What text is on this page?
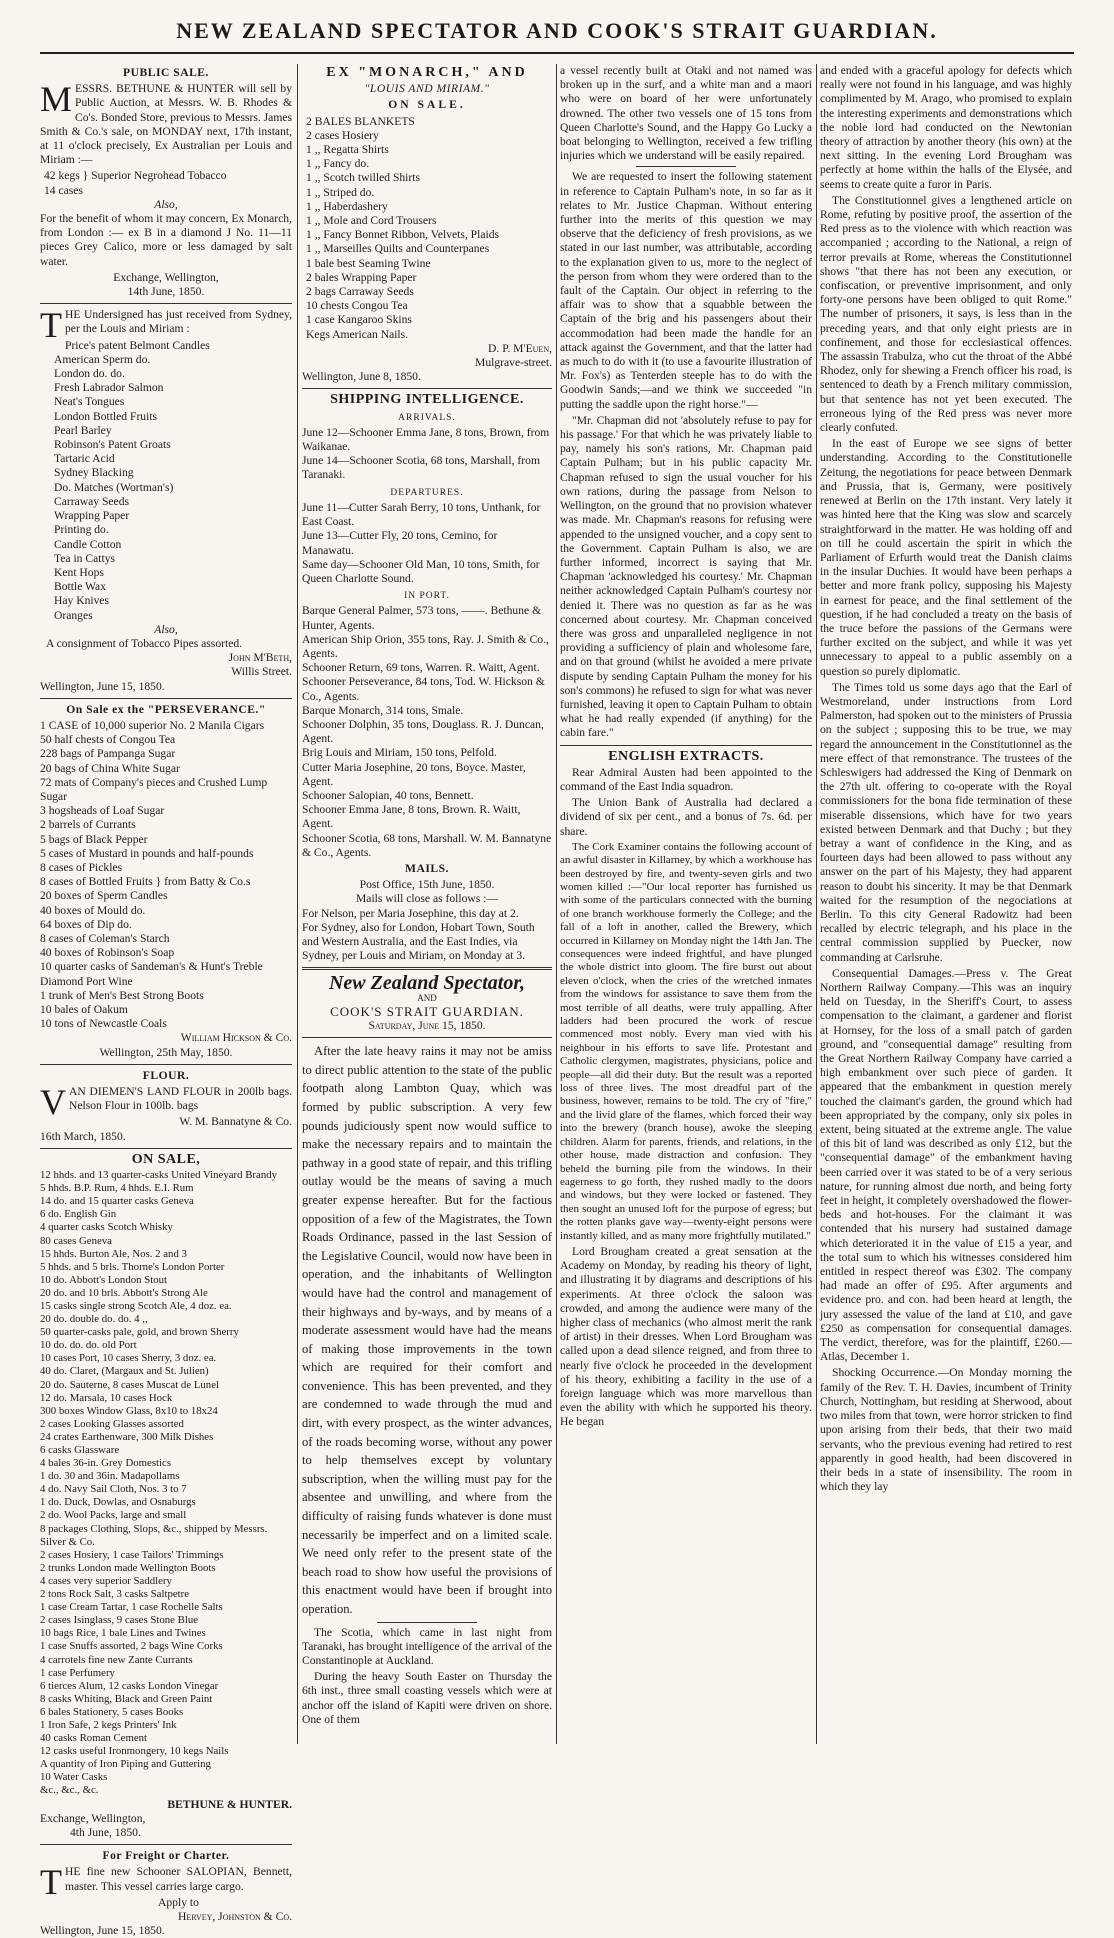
NEW ZEALAND SPECTATOR AND COOK'S STRAIT GUARDIAN.
PUBLIC SALE.

MESSRS. BETHUNE & HUNTER will sell by Public Auction, at Messrs. W. B. Rhodes & Co's. Bonded Store, previous to Messrs. James Smith & Co.'s sale, on MONDAY next, 17th instant, at 11 o'clock precisely, Ex Australian per Louis and Miriam :—

42 kegs } Superior Negrohead Tobacco
14 cases
Also,

For the benefit of whom it may concern, Ex Monarch, from London :— ex B in a diamond J No. 11—11 pieces Grey Calico, more or less damaged by salt water.

Exchange, Wellington,
14th June, 1850.

THE Undersigned has just received from Sydney, per the Louis and Miriam :

Price's patent Belmont Candles
American Sperm do.
London do. do.
Fresh Labrador Salmon
Neat's Tongues
London Bottled Fruits
Pearl Barley
Robinson's Patent Groats
Tartaric Acid
Sydney Blacking
Do. Matches (Wortman's)
Carraway Seeds
Wrapping Paper
Printing do.
Candle Cotton
Tea in Cattys
Kent Hops
Bottle Wax
Hay Knives
Oranges
Also,
A consignment of Tobacco Pipes assorted.
John M'Beth,
Willis Street.
Wellington, June 15, 1850.
On Sale ex the "PERSEVERANCE."
1 CASE of 10,000 superior No. 2 Manila Cigars
50 half chests of Congou Tea
228 bags of Pampanga Sugar
20 bags of China White Sugar
72 mats of Company's pieces and Crushed Lump Sugar
3 hogsheads of Loaf Sugar
2 barrels of Currants
5 bags of Black Pepper
5 cases of Mustard in pounds and half-pounds
8 cases of Pickles
8 cases of Bottled Fruits } from Batty & Co.s
20 boxes of Sperm Candles
40 boxes of Mould do.
64 boxes of Dip do.
8 cases of Coleman's Starch
40 boxes of Robinson's Soap
10 quarter casks of Sandeman's & Hunt's Treble Diamond Port Wine
1 trunk of Men's Best Strong Boots
10 bales of Oakum
10 tons of Newcastle Coals
William Hickson & Co.
Wellington, 25th May, 1850.
FLOUR.

VAN DIEMEN'S LAND FLOUR in 200lb bags. Nelson Flour in 100lb. bags

W. M. Bannatyne & Co.
16th March, 1850.
ON SALE,
12 hhds. and 13 quarter-casks United Vineyard Brandy
5 hhds. B.P. Rum, 4 hhds. E.I. Rum
14 do. and 15 quarter casks Geneva
6 do. English Gin
4 quarter casks Scotch Whisky
80 cases Geneva
15 hhds. Burton Ale, Nos. 2 and 3
5 hhds. and 5 brls. Thorne's London Porter
10 do. Abbott's London Stout
20 do. and 10 brls. Abbott's Strong Ale
15 casks single strong Scotch Ale, 4 doz. ea.
20 do. double do. do. 4 ,,
50 quarter-casks pale, gold, and brown Sherry
10 do. do. do. old Port
10 cases Port, 10 cases Sherry, 3 doz. ea.
40 do. Claret, (Margaux and St. Julien)
20 do. Sauterne, 8 cases Muscat de Lunel
12 do. Marsala, 10 cases Hock
300 boxes Window Glass, 8x10 to 18x24
2 cases Looking Glasses assorted
24 crates Earthenware, 300 Milk Dishes
6 casks Glassware
4 bales 36-in. Grey Domestics
1 do. 30 and 36in. Madapollams
4 do. Navy Sail Cloth, Nos. 3 to 7
1 do. Duck, Dowlas, and Osnaburgs
2 do. Wool Packs, large and small
8 packages Clothing, Slops, &c., shipped by Messrs. Silver & Co.
2 cases Hosiery, 1 case Tailors' Trimmings
2 trunks London made Wellington Boots
4 cases very superior Saddlery
2 tons Rock Salt, 3 casks Saltpetre
1 case Cream Tartar, 1 case Rochelle Salts
2 cases Isinglass, 9 cases Stone Blue
10 bags Rice, 1 bale Lines and Twines
1 case Snuffs assorted, 2 bags Wine Corks
4 carrotels fine new Zante Currants
1 case Perfumery
6 tierces Alum, 12 casks London Vinegar
8 casks Whiting, Black and Green Paint
6 bales Stationery, 5 cases Books
1 Iron Safe, 2 kegs Printers' Ink
40 casks Roman Cement
12 casks useful Ironmongery, 10 kegs Nails
A quantity of Iron Piping and Guttering
10 Water Casks
&c., &c., &c.
BETHUNE & HUNTER.
Exchange, Wellington,
4th June, 1850.
For Freight or Charter.

THE fine new Schooner SALOPIAN, Bennett, master. This vessel carries large cargo.

Apply to
Hervey, Johnston & Co.
Wellington, June 15, 1850.
EX "MONARCH," AND
"LOUIS AND MIRIAM."
ON SALE.
2 BALES BLANKETS
2 cases Hosiery
1 ,, Regatta Shirts
1 ,, Fancy do.
1 ,, Scotch twilled Shirts
1 ,, Striped do.
1 ,, Haberdashery
1 ,, Mole and Cord Trousers
1 ,, Fancy Bonnet Ribbon, Velvets, Plaids
1 ,, Marseilles Quilts and Counterpanes
1 bale best Seaming Twine
2 bales Wrapping Paper
2 bags Carraway Seeds
10 chests Congou Tea
1 case Kangaroo Skins
Kegs American Nails.
D. P. M'Euen,
Mulgrave-street.
Wellington, June 8, 1850.
SHIPPING INTELLIGENCE.
ARRIVALS.
June 12—Schooner Emma Jane, 8 tons, Brown, from Waikanae.
June 14—Schooner Scotia, 68 tons, Marshall, from Taranaki.
DEPARTURES.
June 11—Cutter Sarah Berry, 10 tons, Unthank, for East Coast.
June 13—Cutter Fly, 20 tons, Cemino, for Manawatu.
Same day—Schooner Old Man, 10 tons, Smith, for Queen Charlotte Sound.
IN PORT.
Barque General Palmer, 573 tons, ——. Bethune & Hunter, Agents.
American Ship Orion, 355 tons, Ray. J. Smith & Co., Agents.
Schooner Return, 69 tons, Warren. R. Waitt, Agent.
Schooner Perseverance, 84 tons, Tod. W. Hickson & Co., Agents.
Barque Monarch, 314 tons, Smale.
Schooner Dolphin, 35 tons, Douglass. R. J. Duncan, Agent.
Brig Louis and Miriam, 150 tons, Pelfold.
Cutter Maria Josephine, 20 tons, Boyce. Master, Agent.
Schooner Salopian, 40 tons, Bennett.
Schooner Emma Jane, 8 tons, Brown. R. Waitt, Agent.
Schooner Scotia, 68 tons, Marshall. W. M. Bannatyne & Co., Agents.
MAILS.
Post Office, 15th June, 1850.
Mails will close as follows :—
For Nelson, per Maria Josephine, this day at 2.
For Sydney, also for London, Hobart Town, South and Western Australia, and the East Indies, via Sydney, per Louis and Miriam, on Monday at 3.
New Zealand Spectator,
AND
COOK'S STRAIT GUARDIAN.
Saturday, June 15, 1850.

After the late heavy rains it may not be amiss to direct public attention to the state of the public footpath along Lambton Quay, which was formed by public subscription. A very few pounds judiciously spent now would suffice to make the necessary repairs and to maintain the pathway in a good state of repair, and this trifling outlay would be the means of saving a much greater expense hereafter. But for the factious opposition of a few of the Magistrates, the Town Roads Ordinance, passed in the last Session of the Legislative Council, would now have been in operation, and the inhabitants of Wellington would have had the control and management of their highways and by-ways, and by means of a moderate assessment would have had the means of making those improvements in the town which are required for their comfort and convenience. This has been prevented, and they are condemned to wade through the mud and dirt, with every prospect, as the winter advances, of the roads becoming worse, without any power to help themselves except by voluntary subscription, when the willing must pay for the absentee and unwilling, and where from the difficulty of raising funds whatever is done must necessarily be imperfect and on a limited scale. We need only refer to the present state of the beach road to show how useful the provisions of this enactment would have been if brought into operation.

The Scotia, which came in last night from Taranaki, has brought intelligence of the arrival of the Constantinople at Auckland.

During the heavy South Easter on Thursday the 6th inst., three small coasting vessels which were at anchor off the island of Kapiti were driven on shore. One of them

a vessel recently built at Otaki and not named was broken up in the surf, and a white man and a maori who were on board of her were unfortunately drowned. The other two vessels one of 15 tons from Queen Charlotte's Sound, and the Happy Go Lucky a boat belonging to Wellington, received a few trifling injuries which we understand will be easily repaired.

We are requested to insert the following statement in reference to Captain Pulham's note, in so far as it relates to Mr. Justice Chapman. Without entering further into the merits of this question we may observe that the deficiency of fresh provisions, as we stated in our last number, was attributable, according to the explanation given to us, more to the neglect of the person from whom they were ordered than to the fault of the Captain. Our object in referring to the affair was to show that a squabble between the Captain of the brig and his passengers about their accommodation had been made the handle for an attack against the Government, and that the latter had as much to do with it (to use a favourite illustration of Mr. Fox's) as Tenterden steeple has to do with the Goodwin Sands;—and we think we succeeded "in putting the saddle upon the right horse."—

"Mr. Chapman did not 'absolutely refuse to pay for his passage.' For that which he was privately liable to pay, namely his son's rations, Mr. Chapman paid Captain Pulham; but in his public capacity Mr. Chapman refused to sign the usual voucher for his own rations, during the passage from Nelson to Wellington, on the ground that no provision whatever was made. Mr. Chapman's reasons for refusing were appended to the unsigned voucher, and a copy sent to the Government. Captain Pulham is also, we are further informed, incorrect is saying that Mr. Chapman 'acknowledged his courtesy.' Mr. Chapman neither acknowledged Captain Pulham's courtesy nor denied it. There was no question as far as he was concerned about courtesy. Mr. Chapman conceived there was gross and unparalleled negligence in not providing a sufficiency of plain and wholesome fare, and on that ground (whilst he avoided a mere private dispute by sending Captain Pulham the money for his son's commons) he refused to sign for what was never furnished, leaving it open to Captain Pulham to obtain what he had really expended (if anything) for the cabin fare."

ENGLISH EXTRACTS.

Rear Admiral Austen had been appointed to the command of the East India squadron.

The Union Bank of Australia had declared a dividend of six per cent., and a bonus of 7s. 6d. per share.

The Cork Examiner contains the following account of an awful disaster in Killarney, by which a workhouse has been destroyed by fire, and twenty-seven girls and two women killed :—"Our local reporter has furnished us with some of the particulars connected with the burning of one branch workhouse formerly the College; and the fall of a loft in another, called the Brewery, which occurred in Killarney on Monday night the 14th Jan. The consequences were indeed frightful, and have plunged the whole district into gloom. The fire burst out about eleven o'clock, when the cries of the wretched inmates from the windows for assistance to save them from the most terrible of all deaths, were truly appalling. After ladders had been procured the work of rescue commenced most nobly. Every man vied with his neighbour in his efforts to save life. Protestant and Catholic clergymen, magistrates, physicians, police and people—all did their duty. But the result was a reported loss of three lives. The most dreadful part of the business, however, remains to be told. The cry of "fire," and the livid glare of the flames, which forced their way into the brewery (branch house), awoke the sleeping children. Alarm for parents, friends, and relations, in the other house, made distraction and confusion. They beheld the burning pile from the windows. In their eagerness to go forth, they rushed madly to the doors and windows, but they were locked or fastened. They then sought an unused loft for the purpose of egress; but the rotten planks gave way—twenty-eight persons were instantly killed, and as many more frightfully mutilated."

Lord Brougham created a great sensation at the Academy on Monday, by reading his theory of light, and illustrating it by diagrams and descriptions of his experiments. At three o'clock the saloon was crowded, and among the audience were many of the higher class of mechanics (who almost merit the rank of artist) in their dresses. When Lord Brougham was called upon a dead silence reigned, and from three to nearly five o'clock he proceeded in the development of his theory, exhibiting a facility in the use of a foreign language which was more marvellous than even the ability with which he supported his theory. He began

and ended with a graceful apology for defects which really were not found in his language, and was highly complimented by M. Arago, who promised to explain the interesting experiments and demonstrations which the noble lord had conducted on the Newtonian theory of attraction by another theory (his own) at the next sitting. In the evening Lord Brougham was perfectly at home within the halls of the Elysée, and seems to create quite a furor in Paris.

The Constitutionnel gives a lengthened article on Rome, refuting by positive proof, the assertion of the Red press as to the violence with which reaction was accompanied ; according to the National, a reign of terror prevails at Rome, whereas the Constitutionnel shows "that there has not been any execution, or confiscation, or preventive imprisonment, and only forty-one persons have been obliged to quit Rome." The number of prisoners, it says, is less than in the preceding years, and that only eight priests are in confinement, and those for ecclesiastical offences. The assassin Trabulza, who cut the throat of the Abbé Rhodez, only for shewing a French officer his road, is sentenced to death by a French military commission, but that sentence has not yet been executed. The erroneous lying of the Red press was never more clearly confuted.

In the east of Europe we see signs of better understanding. According to the Constitutionelle Zeitung, the negotiations for peace between Denmark and Prussia, that is, Germany, were positively renewed at Berlin on the 17th instant. Very lately it was hinted here that the King was slow and scarcely straightforward in the matter. He was holding off and on till he could ascertain the spirit in which the Parliament of Erfurth would treat the Danish claims in the insular Duchies. It would have been perhaps a better and more frank policy, supposing his Majesty in earnest for peace, and the final settlement of the question, if he had concluded a treaty on the basis of the truce before the passions of the Germans were further excited on the subject, and while it was yet unnecessary to appeal to a public assembly on a question so purely diplomatic.

The Times told us some days ago that the Earl of Westmoreland, under instructions from Lord Palmerston, had spoken out to the ministers of Prussia on the subject ; supposing this to be true, we may regard the announcement in the Constitutionnel as the mere effect of that remonstrance. The trustees of the Schleswigers had addressed the King of Denmark on the 27th ult. offering to co-operate with the Royal commissioners for the bona fide termination of these miserable dissensions, which have for two years existed between Denmark and that Duchy ; but they betray a want of confidence in the King, and as fourteen days had been allowed to pass without any answer on the part of his Majesty, they had apparent reason to doubt his sincerity. It may be that Denmark waited for the resumption of the negociations at Berlin. To this city General Radowitz had been recalled by electric telegraph, and his place in the central commission supplied by Puecker, now commanding at Carlsruhe.

Consequential Damages.—Press v. The Great Northern Railway Company.—This was an inquiry held on Tuesday, in the Sheriff's Court, to assess compensation to the claimant, a gardener and florist at Hornsey, for the loss of a small patch of garden ground, and "consequential damage" resulting from the Great Northern Railway Company have carried a high embankment over such piece of garden. It appeared that the embankment in question merely touched the claimant's garden, the ground which had been appropriated by the company, only six poles in extent, being situated at the extreme angle. The value of this bit of land was described as only £12, but the "consequential damage" of the embankment having been carried over it was stated to be of a very serious nature, for running almost due north, and being forty feet in height, it completely overshadowed the flower-beds and hot-houses. For the claimant it was contended that his nursery had sustained damage which deteriorated it in the value of £15 a year, and the total sum to which his witnesses considered him entitled in respect thereof was £302. The company had made an offer of £95. After arguments and evidence pro. and con. had been heard at length, the jury assessed the value of the land at £10, and gave £250 as compensation for consequential damages. The verdict, therefore, was for the plaintiff, £260.—Atlas, December 1.

Shocking Occurrence.—On Monday morning the family of the Rev. T. H. Davies, incumbent of Trinity Church, Nottingham, but residing at Sherwood, about two miles from that town, were horror stricken to find upon arising from their beds, that their two maid servants, who the previous evening had retired to rest apparently in good health, had been discovered in their beds in a state of insensibility. The room in which they lay
